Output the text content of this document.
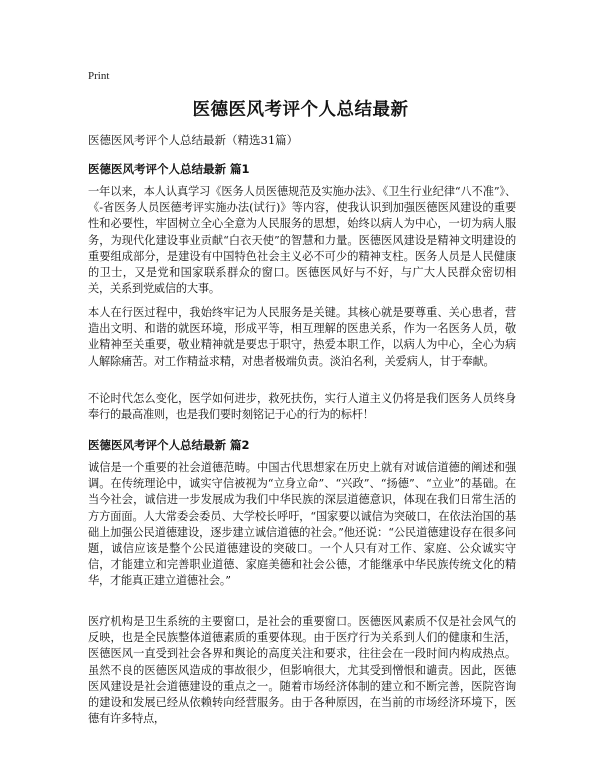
Print
医德医风考评个人总结最新

医德医风考评个人总结最新（精选31篇）

医德医风考评个人总结最新 篇1

一年以来，本人认真学习《医务人员医德规范及实施办法》、《卫生行业纪律“八不准”》、《-省医务人员医德考评实施办法(试行)》等内容，使我认识到加强医德医风建设的重要性和必要性，牢固树立全心全意为人民服务的思想，始终以病人为中心，一切为病人服务，为现代化建设事业贡献“白衣天使”的智慧和力量。医德医风建设是精神文明建设的重要组成部分，是建设有中国特色社会主义必不可少的精神支柱。医务人员是人民健康的卫士，又是党和国家联系群众的窗口。医德医风好与不好，与广大人民群众密切相关，关系到党威信的大事。

本人在行医过程中，我始终牢记为人民服务是关键。其核心就是要尊重、关心患者，营造出文明、和谐的就医环境，形成平等，相互理解的医患关系，作为一名医务人员，敬业精神至关重要，敬业精神就是要忠于职守，热爱本职工作，以病人为中心，全心为病人解除痛苦。对工作精益求精，对患者极端负责。淡泊名利，关爱病人，甘于奉献。

不论时代怎么变化，医学如何进步，救死扶伤，实行人道主义仍将是我们医务人员终身奉行的最高准则，也是我们要时刻铭记于心的行为的标杆！

医德医风考评个人总结最新 篇2

诚信是一个重要的社会道德范畴。中国古代思想家在历史上就有对诚信道德的阐述和强调。在传统理论中，诚实守信被视为“立身立命”、“兴政”、“扬德”、“立业”的基础。在当今社会，诚信进一步发展成为我们中华民族的深层道德意识，体现在我们日常生活的方方面面。人大常委会委员、大学校长呼吁，“国家要以诚信为突破口，在依法治国的基础上加强公民道德建设，逐步建立诚信道德的社会。”他还说：“公民道德建设存在很多问题，诚信应该是整个公民道德建设的突破口。一个人只有对工作、家庭、公众诚实守信，才能建立和完善职业道德、家庭美德和社会公德，才能继承中华民族传统文化的精华，才能真正建立道德社会。”

医疗机构是卫生系统的主要窗口，是社会的重要窗口。医德医风素质不仅是社会风气的反映，也是全民族整体道德素质的重要体现。由于医疗行为关系到人们的健康和生活，医德医风一直受到社会各界和舆论的高度关注和要求，往往会在一段时间内构成热点。虽然不良的医德医风造成的事故很少，但影响很大，尤其受到憎恨和谴责。因此，医德医风建设是社会道德建设的重点之一。随着市场经济体制的建立和不断完善，医院咨询的建设和发展已经从依赖转向经营服务。由于各种原因，在当前的市场经济环境下，医德有许多特点，
